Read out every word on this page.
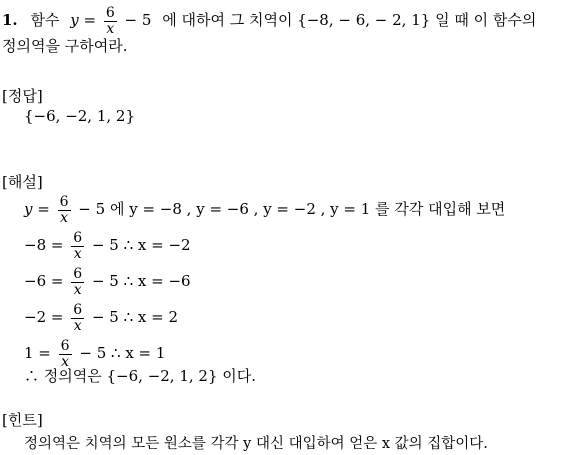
1. 함수 $y = \frac{6}{x} - 5$ 에 대하여 그 치역이 {−8, − 6, − 2, 1} 일 때 이 함수의
정의역을 구하여라.
[정답]
{−6, −2, 1, 2}
[해설]
$y = \frac{6}{x} - 5$ 에 y = −8 , y = −6 , y = −2 , y = 1 를 각각 대입해 보면
$-8 = \frac{6}{x} - 5$ ∴ x = −2
$-6 = \frac{6}{x} - 5$ ∴ x = −6
$-2 = \frac{6}{x} - 5$ ∴ x = 2
$1 = \frac{6}{x} - 5$ ∴ x = 1
∴ 정의역은 {−6, −2, 1, 2} 이다.
[힌트]
정의역은 치역의 모든 원소를 각각 y 대신 대입하여 얻은 x 값의 집합이다.
